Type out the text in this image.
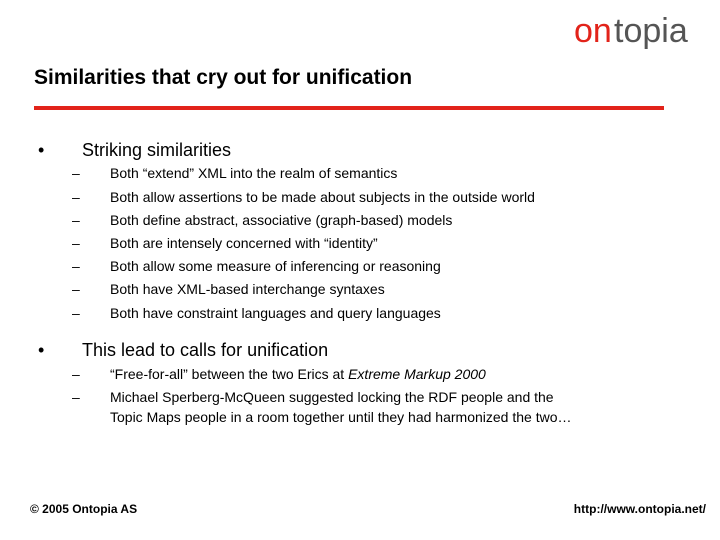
on topia
Similarities that cry out for unification
• Striking similarities
– Both “extend” XML into the realm of semantics
– Both allow assertions to be made about subjects in the outside world
– Both define abstract, associative (graph-based) models
– Both are intensely concerned with “identity”
– Both allow some measure of inferencing or reasoning
– Both have XML-based interchange syntaxes
– Both have constraint languages and query languages
• This lead to calls for unification
– “Free-for-all” between the two Erics at Extreme Markup 2000
– Michael Sperberg-McQueen suggested locking the RDF people and the
Topic Maps people in a room together until they had harmonized the two…
© 2005 Ontopia AS	http://www.ontopia.net/
